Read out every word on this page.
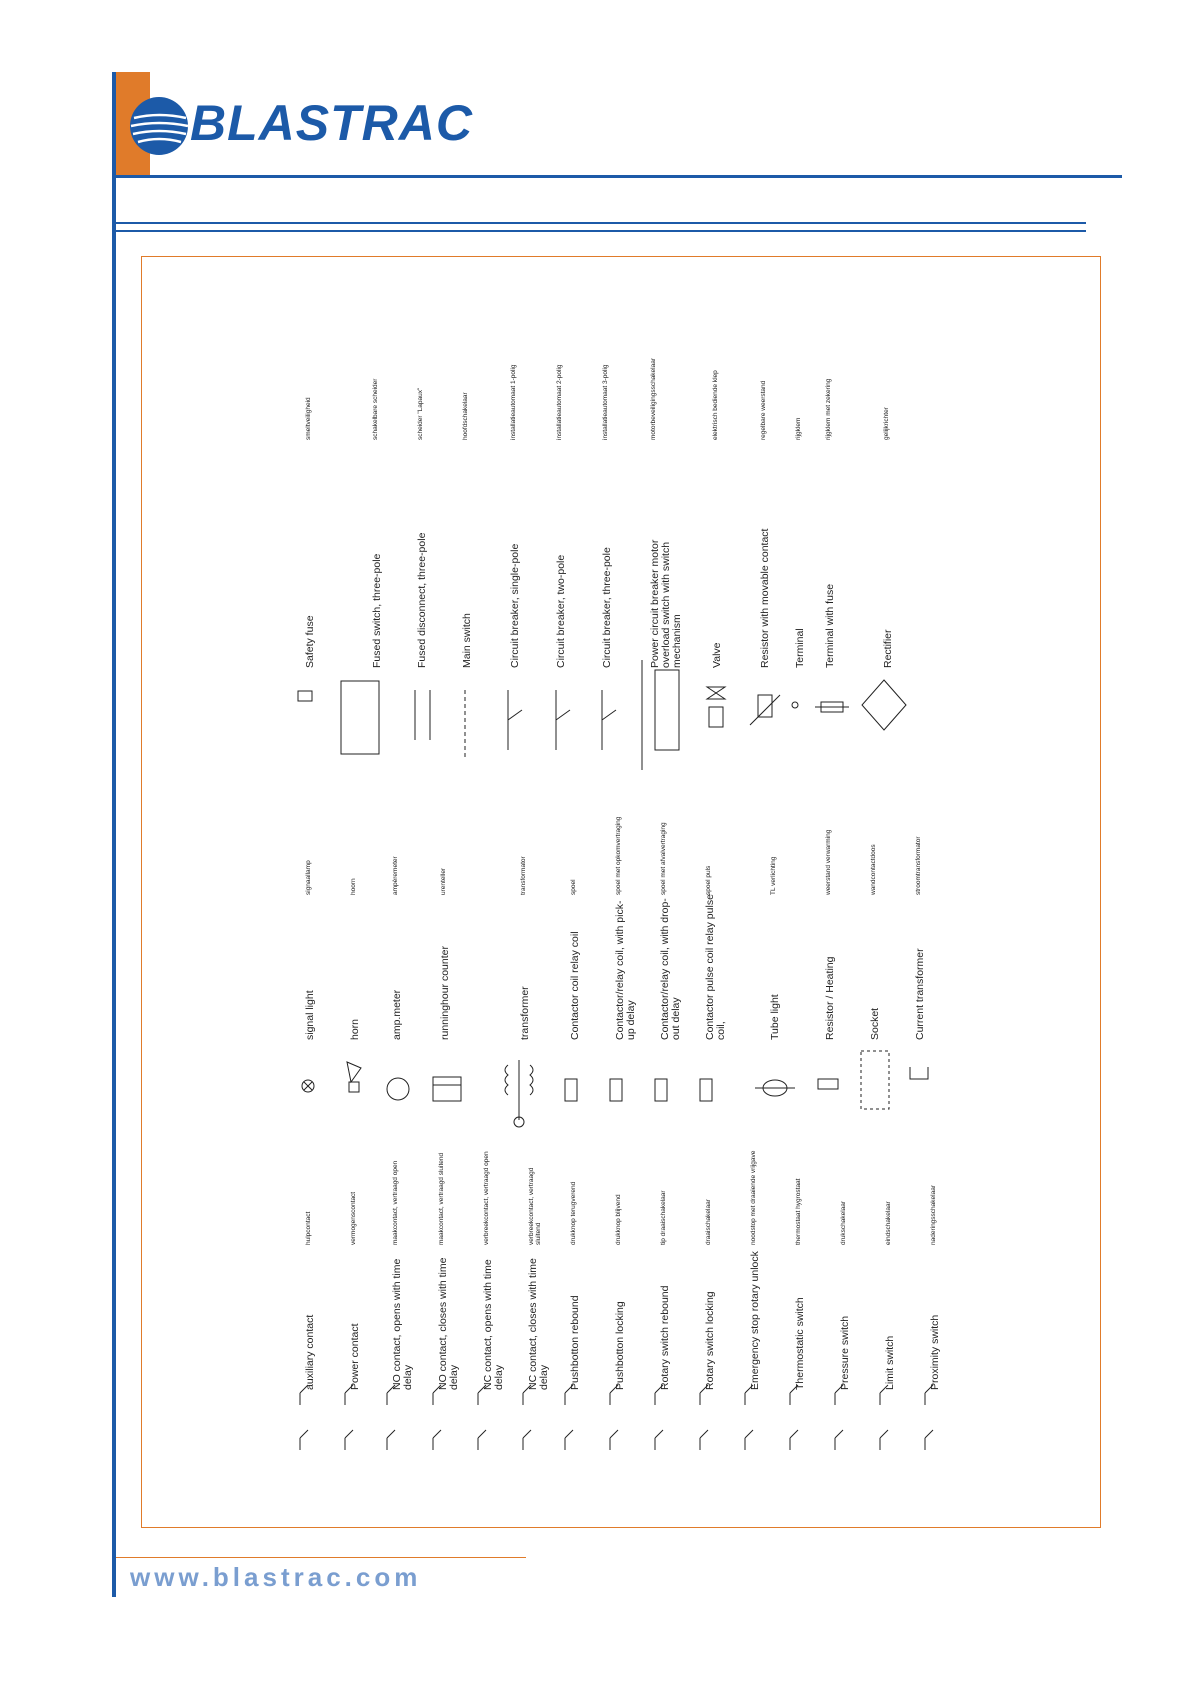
BLASTRAC
www.blastrac.com
auxiliary contact
hulpcontact
Power contact
vermogenscontact
NO contact, opens with time delay
maakcontact, vertraagd open
NO contact, closes with time delay
maakcontact, vertraagd sluitend
NC contact, opens with time delay
verbreekcontact, vertraagd open
NC contact, closes with time delay
verbreekcontact, vertraagd sluitend
Pushbotton rebound
drukknop terugverend
Pushbotton locking
drukknop blijvend
Rotary switch rebound
tip draaischakelaar
Rotary switch locking
draaischakelaar
Emergency stop rotary unlock
noodstop met draaiende vrijgave
Thermostatic switch
thermostaat hygrostaat
Pressure switch
drukschakelaar
Limit switch
eindschakelaar
Proximity switch
naderingsschakelaar
signal light
signaallamp
horn
hoorn
amp.meter
ampèremeter
runninghour counter
urenteller
transformer
transformator
Contactor coil relay coil
spoel
Contactor/relay coil, with pick-up delay
spoel met opkomvertraging
Contactor/relay coil, with drop-out delay
spoel met afvalvertraging
Contactor pulse coil relay pulse coil,
spoel puls
Tube light
TL verlichting
Resistor / Heating
weerstand verwarming
Socket
wandcontactdoos
Current transformer
stroomtransformator
Safety fuse
smeltveiligheid
Fused switch, three-pole
schakelbare scheider
Fused disconnect, three-pole
scheider "Lapaux"
Main switch
hoofdschakelaar
Circuit breaker, single-pole
installatieautomaat 1-polig
Circuit breaker, two-pole
installatieautomaat 2-polig
Circuit breaker, three-pole
installatieautomaat 3-polig
Power circuit breaker motor overload switch with switch mechanism
motorbeveiligingsschakelaar
Valve
elektrisch bediende klep
Resistor with movable contact
regelbare weerstand
Terminal
rijgklem
Terminal with fuse
rijgklem met zekering
Rectifier
gelijkrichter
